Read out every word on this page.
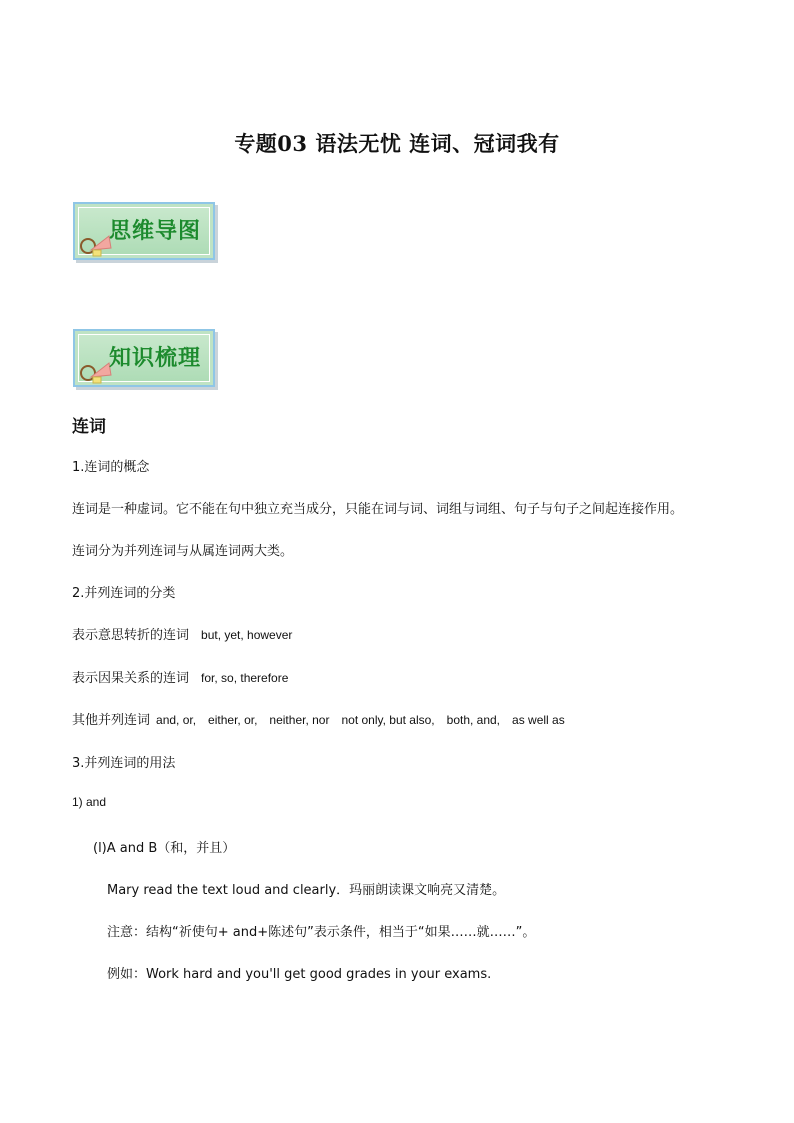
专题03 语法无忧 连词、冠词我有
思维导图
知识梳理
连词
1.连词的概念
连词是一种虚词。它不能在句中独立充当成分，只能在词与词、词组与词组、句子与句子之间起连接作用。
连词分为并列连词与从属连词两大类。
2.并列连词的分类
表示意思转折的连词 but, yet, however
表示因果关系的连词 for, so, therefore
其他并列连词 and, or, either, or, neither, nor not only, but also, both, and, as well as
3.并列连词的用法
1) and
(l)A and B（和，并且）
Mary read the text loud and clearly．玛丽朗读课文响亮又清楚。
注意：结构“祈使句+ and+陈述句”表示条件，相当于“如果……就……”。
例如：Work hard and you'll get good grades in your exams.
